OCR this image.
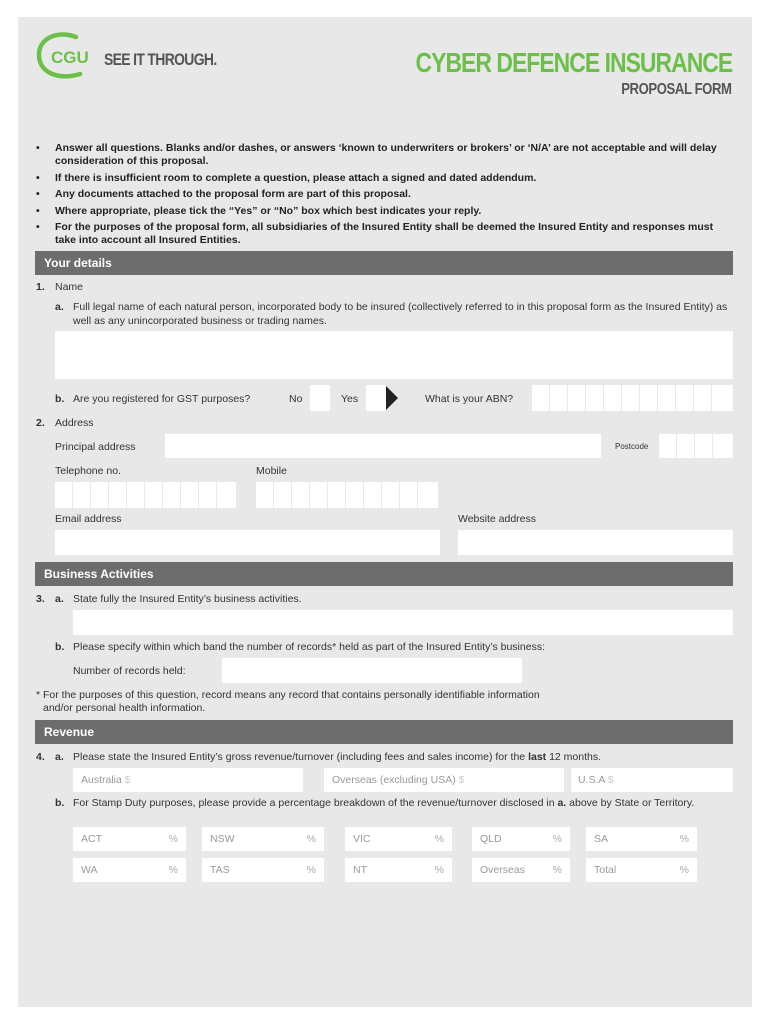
CGU SEE IT THROUGH.	CYBER DEFENCE INSURANCE
PROPOSAL FORM
• Answer all questions. Blanks and/or dashes, or answers ‘known to underwriters or brokers’ or ‘N/A’ are not acceptable and will delay consideration of this proposal.
• If there is insufficient room to complete a question, please attach a signed and dated addendum.
• Any documents attached to the proposal form are part of this proposal.
• Where appropriate, please tick the “Yes” or “No” box which best indicates your reply.
• For the purposes of the proposal form, all subsidiaries of the Insured Entity shall be deemed the Insured Entity and responses must take into account all Insured Entities.
Your details
1. Name
a. Full legal name of each natural person, incorporated body to be insured (collectively referred to in this proposal form as the Insured Entity) as well as any unincorporated business or trading names.
b. Are you registered for GST purposes?	No	Yes	What is your ABN?
2. Address
Principal address	Postcode
Telephone no.	Mobile
Email address	Website address
Business Activities
3. a. State fully the Insured Entity’s business activities.
b. Please specify within which band the number of records* held as part of the Insured Entity’s business:
Number of records held:
* For the purposes of this question, record means any record that contains personally identifiable information
and/or personal health information.
Revenue
4. a. Please state the Insured Entity’s gross revenue/turnover (including fees and sales income) for the last 12 months.
Australia $	Overseas (excluding USA) $	U.S.A $
b. For Stamp Duty purposes, please provide a percentage breakdown of the revenue/turnover disclosed in a. above by State or Territory.
ACT	%	NSW	%	VIC	%	QLD	%	SA	%
WA	%	TAS	%	NT	%	Overseas	%	Total	%
